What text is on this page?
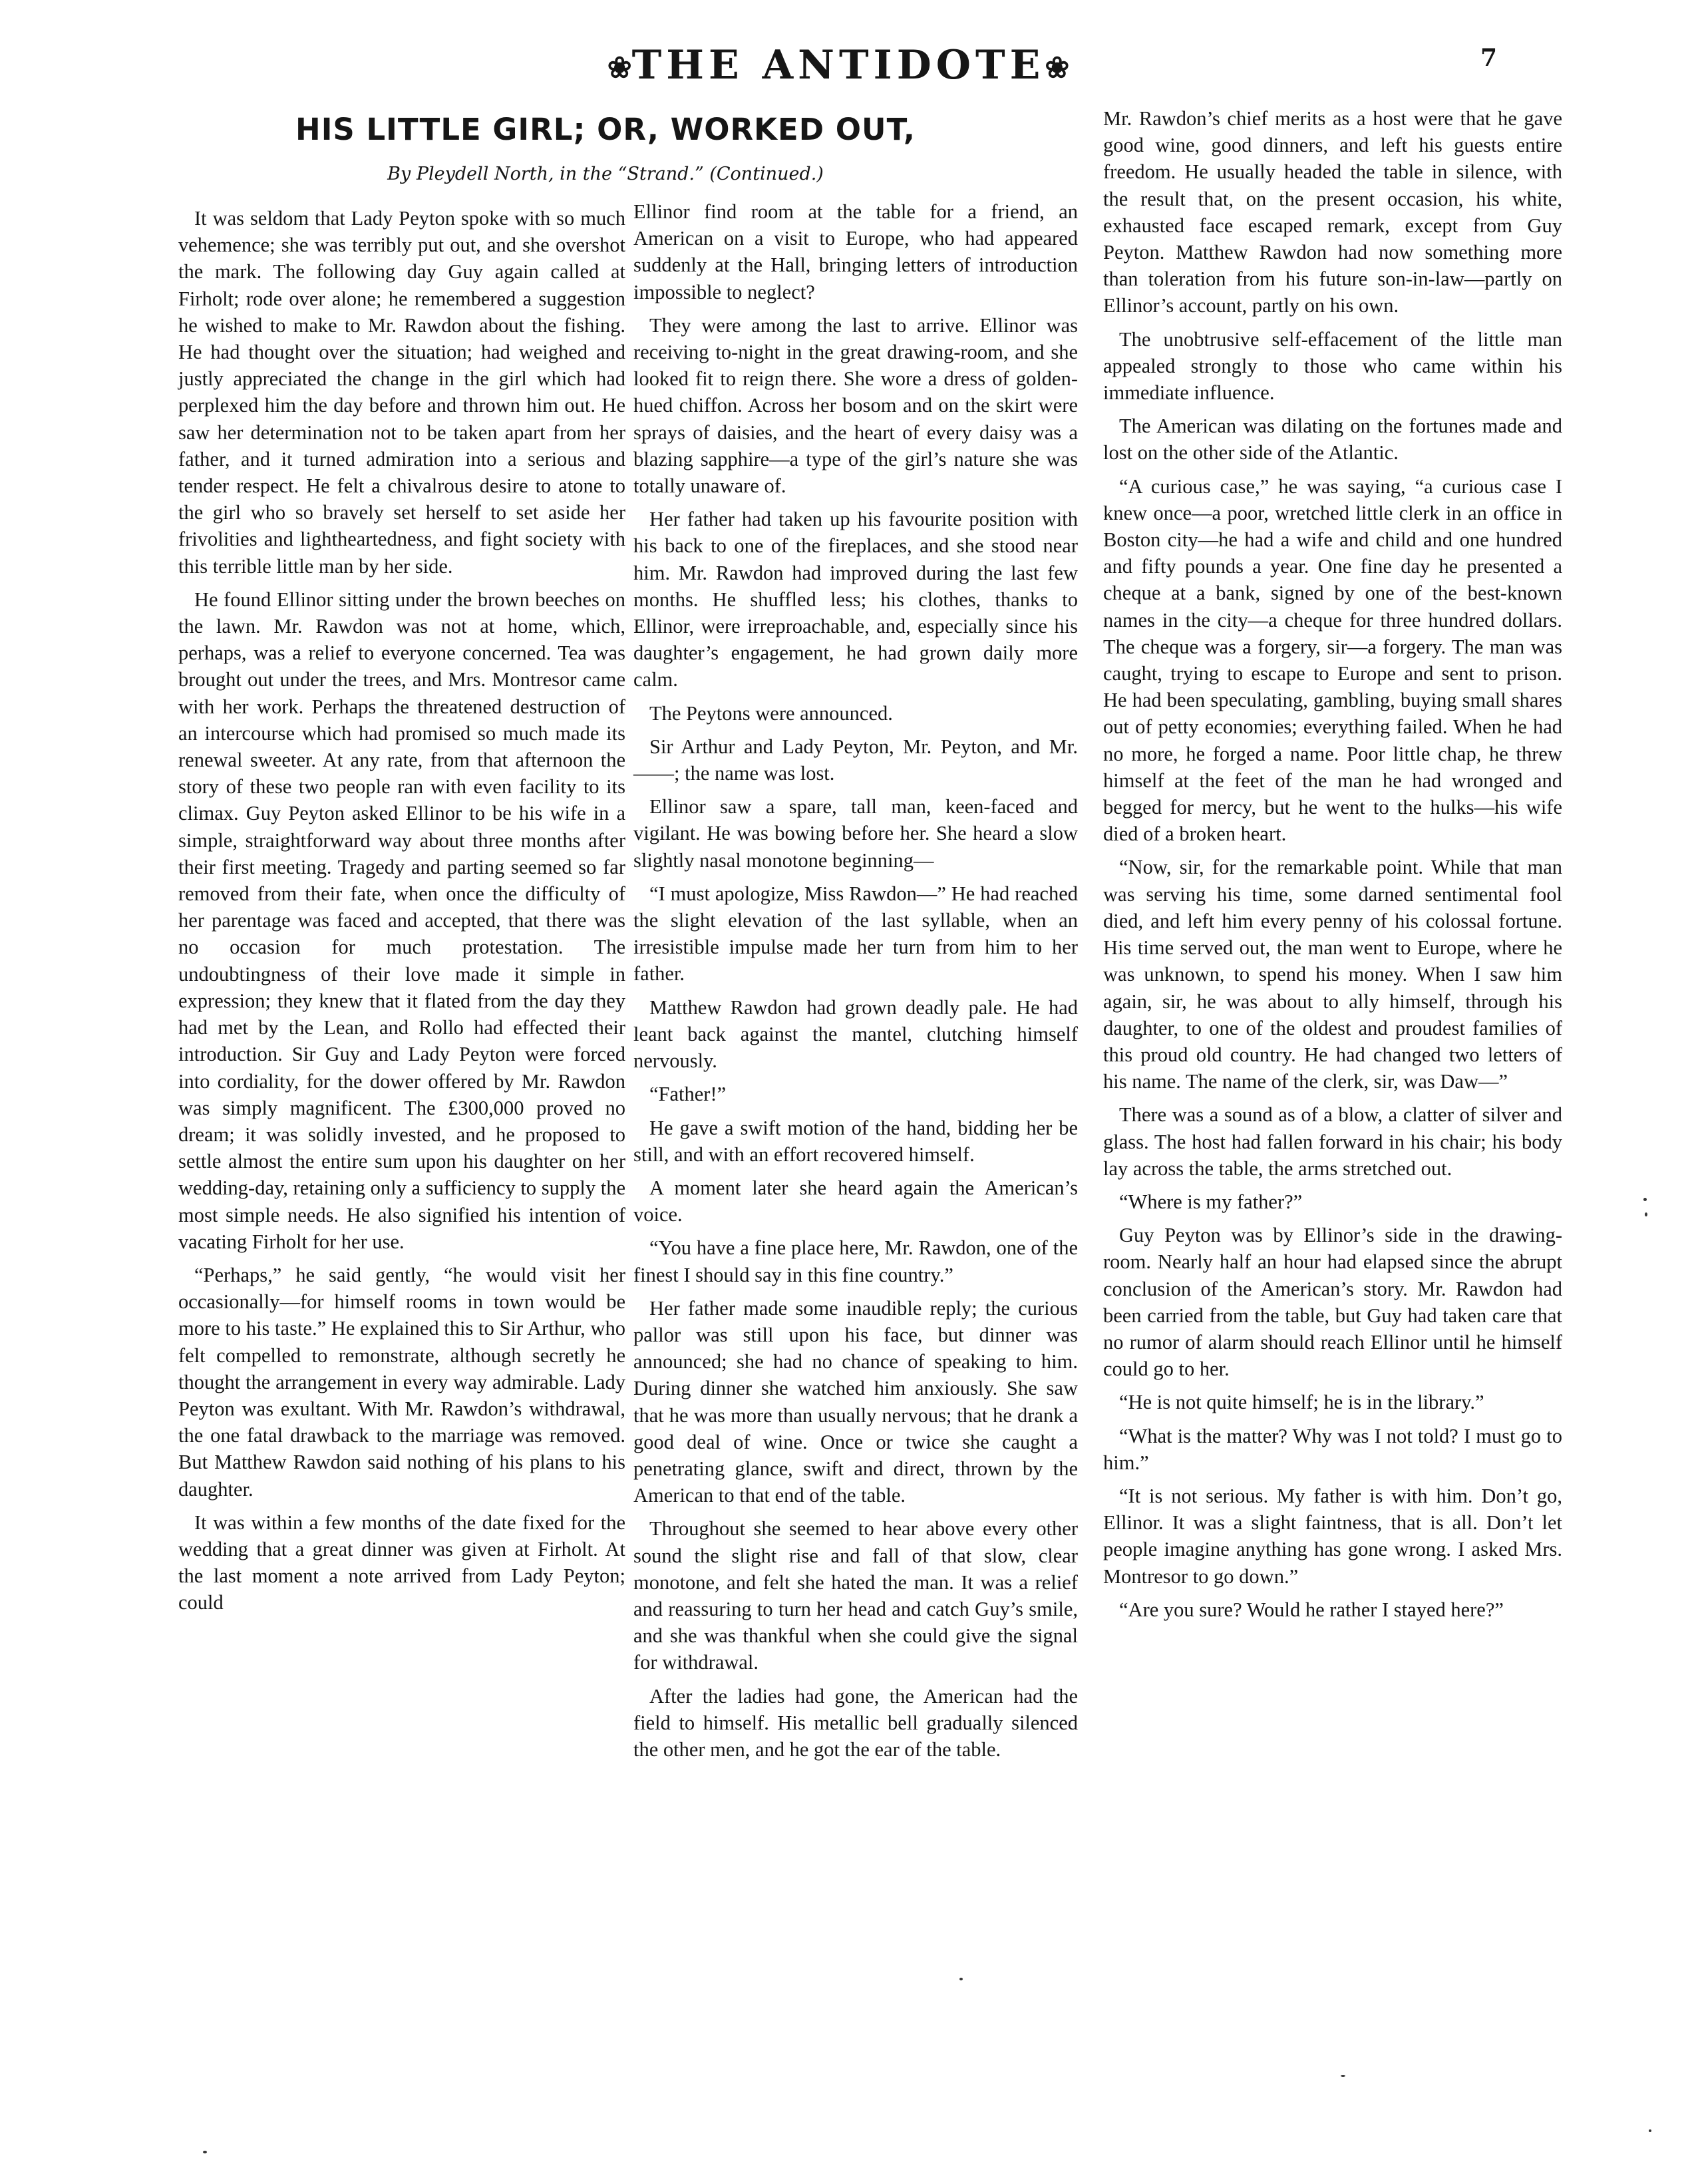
❀THE ANTIDOTE❀	7
HIS LITTLE GIRL; OR, WORKED OUT,
By Pleydell North, in the “Strand.” (Continued.)

It was seldom that Lady Peyton spoke with so much vehemence; she was terribly put out, and she overshot the mark. The following day Guy again called at Firholt; rode over alone; he remembered a suggestion he wished to make to Mr. Rawdon about the fishing. He had thought over the situation; had weighed and justly appreciated the change in the girl which had perplexed him the day before and thrown him out. He saw her determination not to be taken apart from her father, and it turned admiration into a serious and tender respect. He felt a chivalrous desire to atone to the girl who so bravely set herself to set aside her frivolities and lightheartedness, and fight society with this terrible little man by her side.

He found Ellinor sitting under the brown beeches on the lawn. Mr. Rawdon was not at home, which, perhaps, was a relief to everyone concerned. Tea was brought out under the trees, and Mrs. Montresor came with her work. Perhaps the threatened destruction of an intercourse which had promised so much made its renewal sweeter. At any rate, from that afternoon the story of these two people ran with even facility to its climax. Guy Peyton asked Ellinor to be his wife in a simple, straightforward way about three months after their first meeting. Tragedy and parting seemed so far removed from their fate, when once the difficulty of her parentage was faced and accepted, that there was no occasion for much protestation. The undoubtingness of their love made it simple in expression; they knew that it flated from the day they had met by the Lean, and Rollo had effected their introduction. Sir Guy and Lady Peyton were forced into cordiality, for the dower offered by Mr. Rawdon was simply magnificent. The £300,000 proved no dream; it was solidly invested, and he proposed to settle almost the entire sum upon his daughter on her wedding-day, retaining only a sufficiency to supply the most simple needs. He also signified his intention of vacating Firholt for her use.

“Perhaps,” he said gently, “he would visit her occasionally—for himself rooms in town would be more to his taste.” He explained this to Sir Arthur, who felt compelled to remonstrate, although secretly he thought the arrangement in every way admirable. Lady Peyton was exultant. With Mr. Rawdon’s withdrawal, the one fatal drawback to the marriage was removed. But Matthew Rawdon said nothing of his plans to his daughter.

It was within a few months of the date fixed for the wedding that a great dinner was given at Firholt. At the last moment a note arrived from Lady Peyton; could

Ellinor find room at the table for a friend, an American on a visit to Europe, who had appeared suddenly at the Hall, bringing letters of introduction impossible to neglect?

They were among the last to arrive. Ellinor was receiving to-night in the great drawing-room, and she looked fit to reign there. She wore a dress of golden-hued chiffon. Across her bosom and on the skirt were sprays of daisies, and the heart of every daisy was a blazing sapphire—a type of the girl’s nature she was totally unaware of.

Her father had taken up his favourite position with his back to one of the fireplaces, and she stood near him. Mr. Rawdon had improved during the last few months. He shuffled less; his clothes, thanks to Ellinor, were irreproachable, and, especially since his daughter’s engagement, he had grown daily more calm.

The Peytons were announced.

Sir Arthur and Lady Peyton, Mr. Peyton, and Mr. ——; the name was lost.

Ellinor saw a spare, tall man, keen-faced and vigilant. He was bowing before her. She heard a slow slightly nasal monotone beginning—

“I must apologize, Miss Rawdon—” He had reached the slight elevation of the last syllable, when an irresistible impulse made her turn from him to her father.

Matthew Rawdon had grown deadly pale. He had leant back against the mantel, clutching himself nervously.

“Father!”

He gave a swift motion of the hand, bidding her be still, and with an effort recovered himself.

A moment later she heard again the American’s voice.

“You have a fine place here, Mr. Rawdon, one of the finest I should say in this fine country.”

Her father made some inaudible reply; the curious pallor was still upon his face, but dinner was announced; she had no chance of speaking to him. During dinner she watched him anxiously. She saw that he was more than usually nervous; that he drank a good deal of wine. Once or twice she caught a penetrating glance, swift and direct, thrown by the American to that end of the table.

Throughout she seemed to hear above every other sound the slight rise and fall of that slow, clear monotone, and felt she hated the man. It was a relief and reassuring to turn her head and catch Guy’s smile, and she was thankful when she could give the signal for withdrawal.

After the ladies had gone, the American had the field to himself. His metallic bell gradually silenced the other men, and he got the ear of the table.

Mr. Rawdon’s chief merits as a host were that he gave good wine, good dinners, and left his guests entire freedom. He usually headed the table in silence, with the result that, on the present occasion, his white, exhausted face escaped remark, except from Guy Peyton. Matthew Rawdon had now something more than toleration from his future son-in-law—partly on Ellinor’s account, partly on his own.

The unobtrusive self-effacement of the little man appealed strongly to those who came within his immediate influence.

The American was dilating on the fortunes made and lost on the other side of the Atlantic.

“A curious case,” he was saying, “a curious case I knew once—a poor, wretched little clerk in an office in Boston city—he had a wife and child and one hundred and fifty pounds a year. One fine day he presented a cheque at a bank, signed by one of the best-known names in the city—a cheque for three hundred dollars. The cheque was a forgery, sir—a forgery. The man was caught, trying to escape to Europe and sent to prison. He had been speculating, gambling, buying small shares out of petty economies; everything failed. When he had no more, he forged a name. Poor little chap, he threw himself at the feet of the man he had wronged and begged for mercy, but he went to the hulks—his wife died of a broken heart.

“Now, sir, for the remarkable point. While that man was serving his time, some darned sentimental fool died, and left him every penny of his colossal fortune. His time served out, the man went to Europe, where he was unknown, to spend his money. When I saw him again, sir, he was about to ally himself, through his daughter, to one of the oldest and proudest families of this proud old country. He had changed two letters of his name. The name of the clerk, sir, was Daw—”

There was a sound as of a blow, a clatter of silver and glass. The host had fallen forward in his chair; his body lay across the table, the arms stretched out.

“Where is my father?”

Guy Peyton was by Ellinor’s side in the drawing-room. Nearly half an hour had elapsed since the abrupt conclusion of the American’s story. Mr. Rawdon had been carried from the table, but Guy had taken care that no rumor of alarm should reach Ellinor until he himself could go to her.

“He is not quite himself; he is in the library.”

“What is the matter? Why was I not told? I must go to him.”

“It is not serious. My father is with him. Don’t go, Ellinor. It was a slight faintness, that is all. Don’t let people imagine anything has gone wrong. I asked Mrs. Montresor to go down.”

“Are you sure? Would he rather I stayed here?”
